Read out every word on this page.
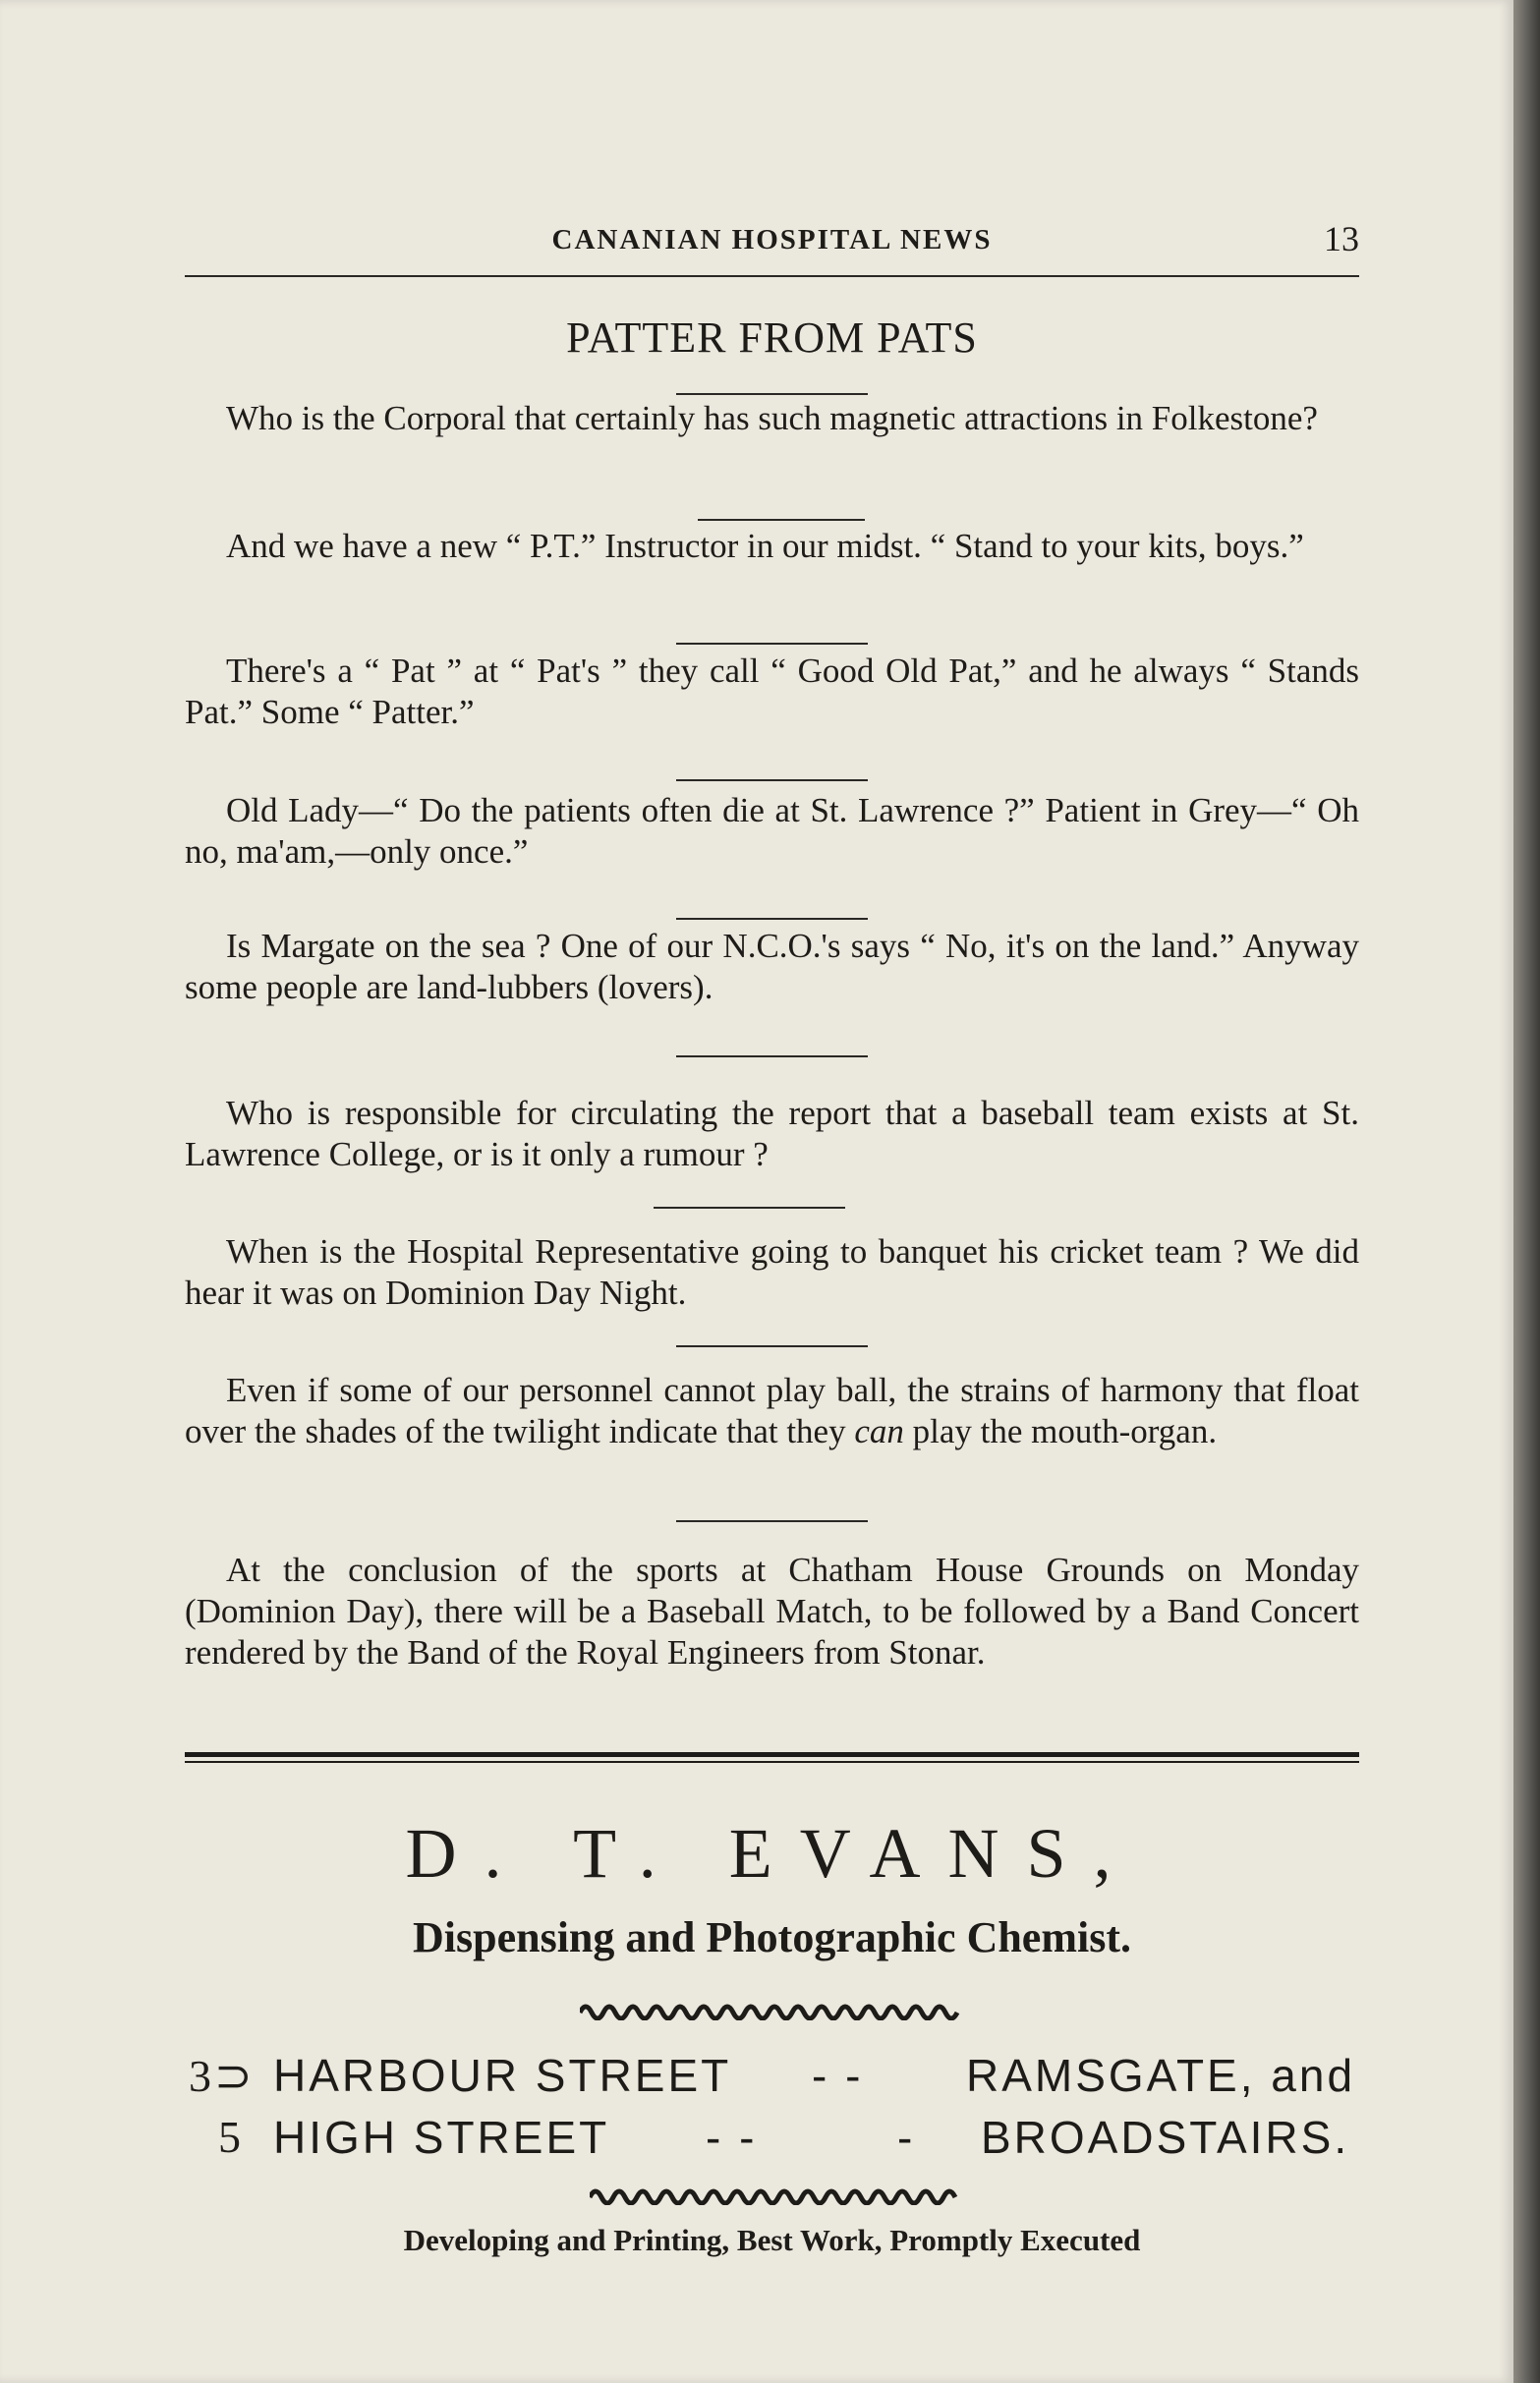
CANANIAN HOSPITAL NEWS	13
PATTER FROM PATS

Who is the Corporal that certainly has such magnetic attractions in Folkestone?

And we have a new “ P.T.” Instructor in our midst. “ Stand to your kits, boys.”

There's a “ Pat ” at “ Pat's ” they call “ Good Old Pat,” and he always “ Stands Pat.” Some “ Patter.”

Old Lady—“ Do the patients often die at St. Lawrence ?” Patient in Grey—“ Oh no, ma'am,—only once.”

Is Margate on the sea ? One of our N.C.O.'s says “ No, it's on the land.” Anyway some people are land-lubbers (lovers).

Who is responsible for circulating the report that a baseball team exists at St. Lawrence College, or is it only a rumour ?

When is the Hospital Representative going to banquet his cricket team ? We did hear it was on Dominion Day Night.

Even if some of our personnel cannot play ball, the strains of harmony that float over the shades of the twilight indicate that they can play the mouth-organ.

At the conclusion of the sports at Chatham House Grounds on Monday (Dominion Day), there will be a Baseball Match, to be followed by a Band Concert rendered by the Band of the Royal Engineers from Stonar.

D. T. EVANS,
Dispensing and Photographic Chemist.
3⊃ HARBOUR STREET - - RAMSGATE, and
5 HIGH STREET - -	- BROADSTAIRS.
Developing and Printing, Best Work, Promptly Executed
